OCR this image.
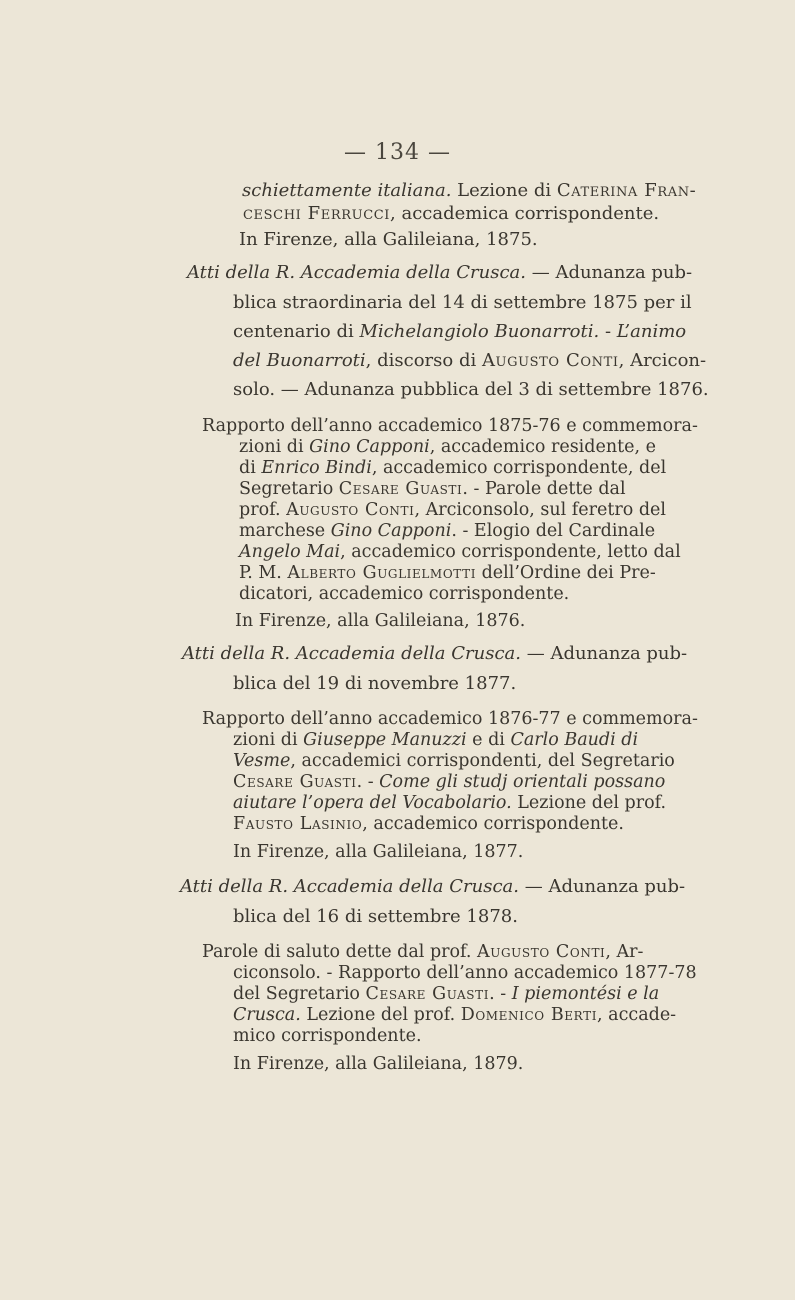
— 134 —
schiettamente italiana. Lezione di Caterina Fran-
ceschi Ferrucci, accademica corrispondente.
In Firenze, alla Galileiana, 1875.
Atti della R. Accademia della Crusca. — Adunanza pub-
blica straordinaria del 14 di settembre 1875 per il
centenario di Michelangiolo Buonarroti. - L’animo
del Buonarroti, discorso di Augusto Conti, Arcicon-
solo. — Adunanza pubblica del 3 di settembre 1876.
Rapporto dell’anno accademico 1875-76 e commemora-
zioni di Gino Capponi, accademico residente, e
di Enrico Bindi, accademico corrispondente, del
Segretario Cesare Guasti. - Parole dette dal
prof. Augusto Conti, Arciconsolo, sul feretro del
marchese Gino Capponi. - Elogio del Cardinale
Angelo Mai, accademico corrispondente, letto dal
P. M. Alberto Guglielmotti dell’Ordine dei Pre-
dicatori, accademico corrispondente.
In Firenze, alla Galileiana, 1876.
Atti della R. Accademia della Crusca. — Adunanza pub-
blica del 19 di novembre 1877.
Rapporto dell’anno accademico 1876-77 e commemora-
zioni di Giuseppe Manuzzi e di Carlo Baudi di
Vesme, accademici corrispondenti, del Segretario
Cesare Guasti. - Come gli studj orientali possano
aiutare l’opera del Vocabolario. Lezione del prof.
Fausto Lasinio, accademico corrispondente.
In Firenze, alla Galileiana, 1877.
Atti della R. Accademia della Crusca. — Adunanza pub-
blica del 16 di settembre 1878.
Parole di saluto dette dal prof. Augusto Conti, Ar-
ciconsolo. - Rapporto dell’anno accademico 1877-78
del Segretario Cesare Guasti. - I piemontési e la
Crusca. Lezione del prof. Domenico Berti, accade-
mico corrispondente.
In Firenze, alla Galileiana, 1879.
